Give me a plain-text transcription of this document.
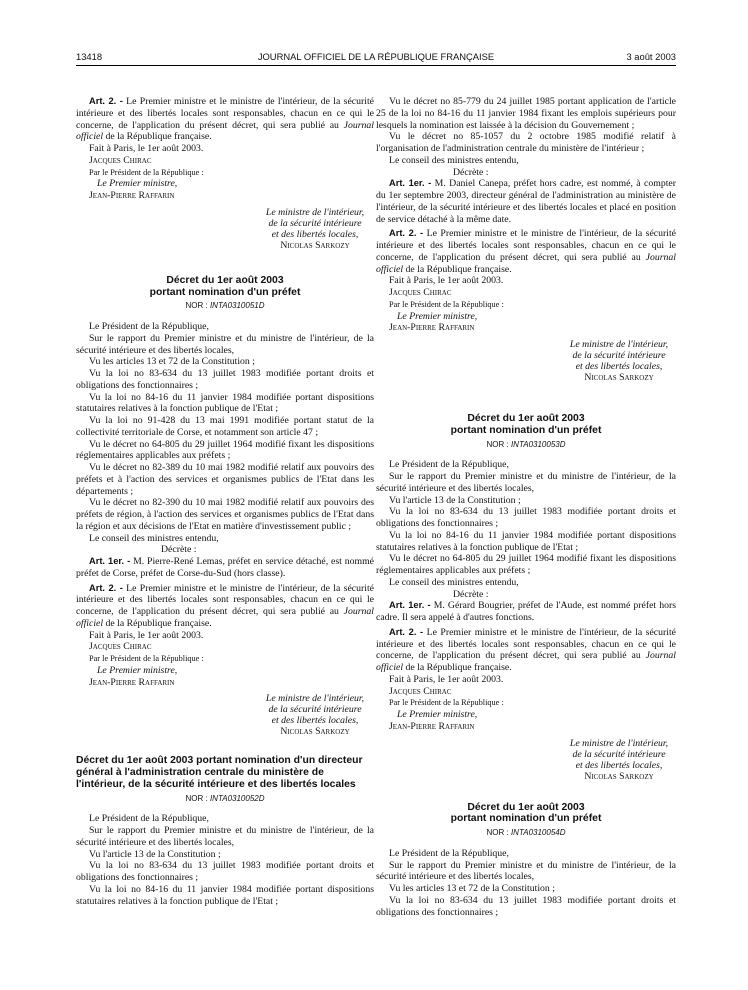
13418	JOURNAL OFFICIEL DE LA RÉPUBLIQUE FRANÇAISE	3 août 2003

Art. 2. - Le Premier ministre et le ministre de l'intérieur, de la sécurité intérieure et des libertés locales sont responsables, chacun en ce qui le concerne, de l'application du présent décret, qui sera publié au Journal officiel de la République française.

Fait à Paris, le 1er août 2003.

Jacques Chirac

Par le Président de la République :

Le Premier ministre,

Jean-Pierre Raffarin

Le ministre de l'intérieur,
de la sécurité intérieure
et des libertés locales,
Nicolas Sarkozy
Décret du 1er août 2003
portant nomination d'un préfet
NOR : INTA0310051D

Le Président de la République,

Sur le rapport du Premier ministre et du ministre de l'intérieur, de la sécurité intérieure et des libertés locales,

Vu les articles 13 et 72 de la Constitution ;

Vu la loi no 83-634 du 13 juillet 1983 modifiée portant droits et obligations des fonctionnaires ;

Vu la loi no 84-16 du 11 janvier 1984 modifiée portant dispositions statutaires relatives à la fonction publique de l'Etat ;

Vu la loi no 91-428 du 13 mai 1991 modifiée portant statut de la collectivité territoriale de Corse, et notamment son article 47 ;

Vu le décret no 64-805 du 29 juillet 1964 modifié fixant les dispositions réglementaires applicables aux préfets ;

Vu le décret no 82-389 du 10 mai 1982 modifié relatif aux pouvoirs des préfets et à l'action des services et organismes publics de l'Etat dans les départements ;

Vu le décret no 82-390 du 10 mai 1982 modifié relatif aux pouvoirs des préfets de région, à l'action des services et organismes publics de l'Etat dans la région et aux décisions de l'Etat en matière d'investissement public ;

Le conseil des ministres entendu,

Décrète :

Art. 1er. - M. Pierre-René Lemas, préfet en service détaché, est nommé préfet de Corse, préfet de Corse-du-Sud (hors classe).

Art. 2. - Le Premier ministre et le ministre de l'intérieur, de la sécurité intérieure et des libertés locales sont responsables, chacun en ce qui le concerne, de l'application du présent décret, qui sera publié au Journal officiel de la République française.

Fait à Paris, le 1er août 2003.

Jacques Chirac

Par le Président de la République :

Le Premier ministre,

Jean-Pierre Raffarin

Le ministre de l'intérieur,
de la sécurité intérieure
et des libertés locales,
Nicolas Sarkozy
Décret du 1er août 2003 portant nomination d'un directeur général à l'administration centrale du ministère de l'intérieur, de la sécurité intérieure et des libertés locales
NOR : INTA0310052D

Le Président de la République,

Sur le rapport du Premier ministre et du ministre de l'intérieur, de la sécurité intérieure et des libertés locales,

Vu l'article 13 de la Constitution ;

Vu la loi no 83-634 du 13 juillet 1983 modifiée portant droits et obligations des fonctionnaires ;

Vu la loi no 84-16 du 11 janvier 1984 modifiée portant dispositions statutaires relatives à la fonction publique de l'Etat ;

Vu le décret no 85-779 du 24 juillet 1985 portant application de l'article 25 de la loi no 84-16 du 11 janvier 1984 fixant les emplois supérieurs pour lesquels la nomination est laissée à la décision du Gouvernement ;

Vu le décret no 85-1057 du 2 octobre 1985 modifié relatif à l'organisation de l'administration centrale du ministère de l'intérieur ;

Le conseil des ministres entendu,

Décrète :

Art. 1er. - M. Daniel Canepa, préfet hors cadre, est nommé, à compter du 1er septembre 2003, directeur général de l'administration au ministère de l'intérieur, de la sécurité intérieure et des libertés locales et placé en position de service détaché à la même date.

Art. 2. - Le Premier ministre et le ministre de l'intérieur, de la sécurité intérieure et des libertés locales sont responsables, chacun en ce qui le concerne, de l'application du présent décret, qui sera publié au Journal officiel de la République française.

Fait à Paris, le 1er août 2003.

Jacques Chirac

Par le Président de la République :

Le Premier ministre,

Jean-Pierre Raffarin

Le ministre de l'intérieur,
de la sécurité intérieure
et des libertés locales,
Nicolas Sarkozy
Décret du 1er août 2003
portant nomination d'un préfet
NOR : INTA0310053D

Le Président de la République,

Sur le rapport du Premier ministre et du ministre de l'intérieur, de la sécurité intérieure et des libertés locales,

Vu l'article 13 de la Constitution ;

Vu la loi no 83-634 du 13 juillet 1983 modifiée portant droits et obligations des fonctionnaires ;

Vu la loi no 84-16 du 11 janvier 1984 modifiée portant dispositions statutaires relatives à la fonction publique de l'Etat ;

Vu le décret no 64-805 du 29 juillet 1964 modifié fixant les dispositions réglementaires applicables aux préfets ;

Le conseil des ministres entendu,

Décrète :

Art. 1er. - M. Gérard Bougrier, préfet de l'Aude, est nommé préfet hors cadre. Il sera appelé à d'autres fonctions.

Art. 2. - Le Premier ministre et le ministre de l'intérieur, de la sécurité intérieure et des libertés locales sont responsables, chacun en ce qui le concerne, de l'application du présent décret, qui sera publié au Journal officiel de la République française.

Fait à Paris, le 1er août 2003.

Jacques Chirac

Par le Président de la République :

Le Premier ministre,

Jean-Pierre Raffarin

Le ministre de l'intérieur,
de la sécurité intérieure
et des libertés locales,
Nicolas Sarkozy
Décret du 1er août 2003
portant nomination d'un préfet
NOR : INTA0310054D

Le Président de la République,

Sur le rapport du Premier ministre et du ministre de l'intérieur, de la sécurité intérieure et des libertés locales,

Vu les articles 13 et 72 de la Constitution ;

Vu la loi no 83-634 du 13 juillet 1983 modifiée portant droits et obligations des fonctionnaires ;
